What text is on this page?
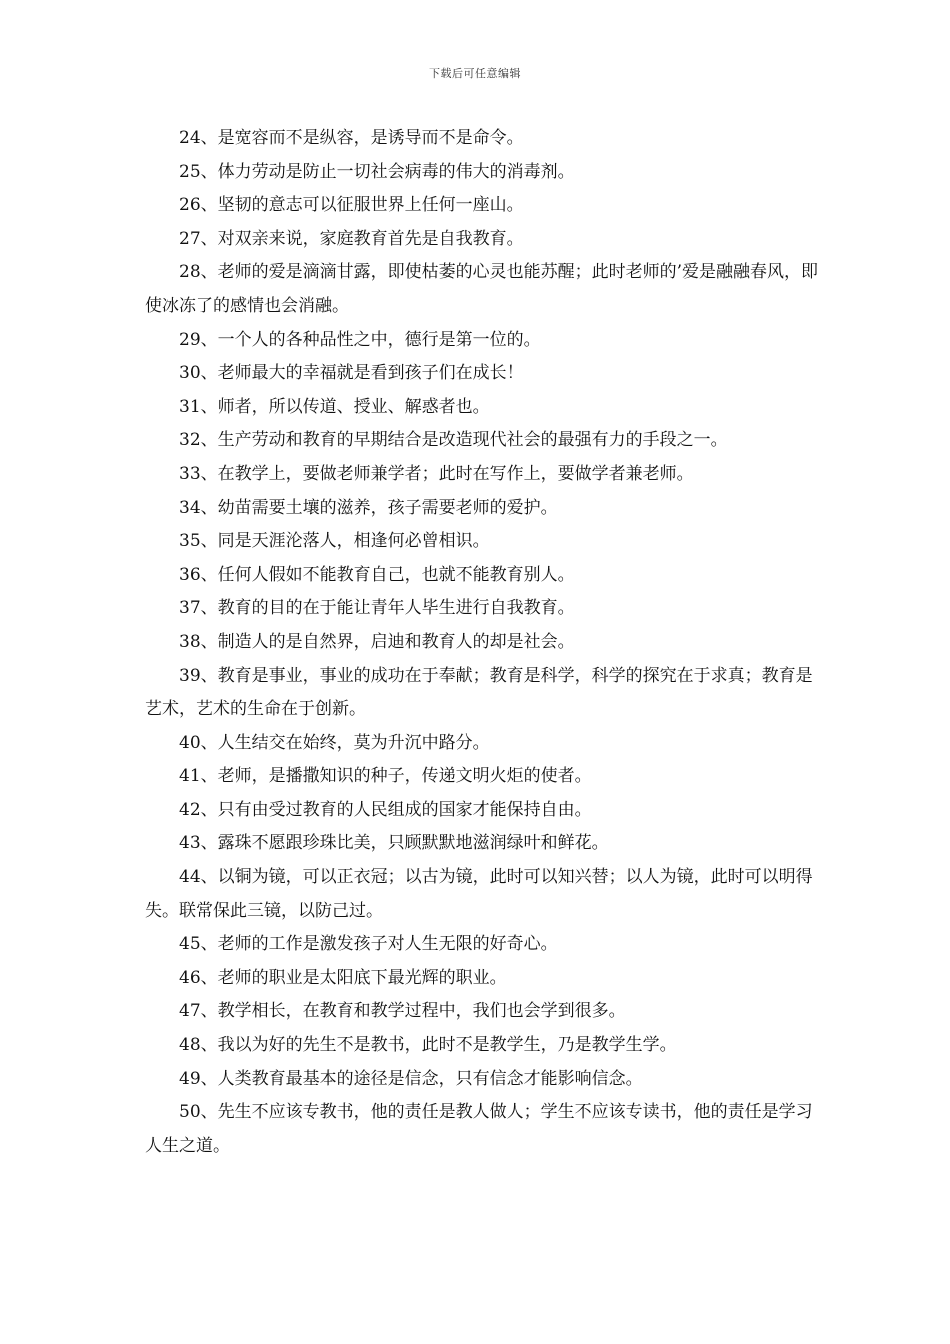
下载后可任意编辑
24、是宽容而不是纵容，是诱导而不是命令。
25、体力劳动是防止一切社会病毒的伟大的消毒剂。
26、坚韧的意志可以征服世界上任何一座山。
27、对双亲来说，家庭教育首先是自我教育。
28、老师的爱是滴滴甘露，即使枯萎的心灵也能苏醒；此时老师的’爱是融融春风，即使冰冻了的感情也会消融。
29、一个人的各种品性之中，德行是第一位的。
30、老师最大的幸福就是看到孩子们在成长！
31、师者，所以传道、授业、解惑者也。
32、生产劳动和教育的早期结合是改造现代社会的最强有力的手段之一。
33、在教学上，要做老师兼学者；此时在写作上，要做学者兼老师。
34、幼苗需要土壤的滋养，孩子需要老师的爱护。
35、同是天涯沦落人，相逢何必曾相识。
36、任何人假如不能教育自己，也就不能教育别人。
37、教育的目的在于能让青年人毕生进行自我教育。
38、制造人的是自然界，启迪和教育人的却是社会。
39、教育是事业，事业的成功在于奉献；教育是科学，科学的探究在于求真；教育是艺术，艺术的生命在于创新。
40、人生结交在始终，莫为升沉中路分。
41、老师，是播撒知识的种子，传递文明火炬的使者。
42、只有由受过教育的人民组成的国家才能保持自由。
43、露珠不愿跟珍珠比美，只顾默默地滋润绿叶和鲜花。
44、以铜为镜，可以正衣冠；以古为镜，此时可以知兴替；以人为镜，此时可以明得失。联常保此三镜，以防己过。
45、老师的工作是激发孩子对人生无限的好奇心。
46、老师的职业是太阳底下最光辉的职业。
47、教学相长，在教育和教学过程中，我们也会学到很多。
48、我以为好的先生不是教书，此时不是教学生，乃是教学生学。
49、人类教育最基本的途径是信念，只有信念才能影响信念。
50、先生不应该专教书，他的责任是教人做人；学生不应该专读书，他的责任是学习人生之道。
